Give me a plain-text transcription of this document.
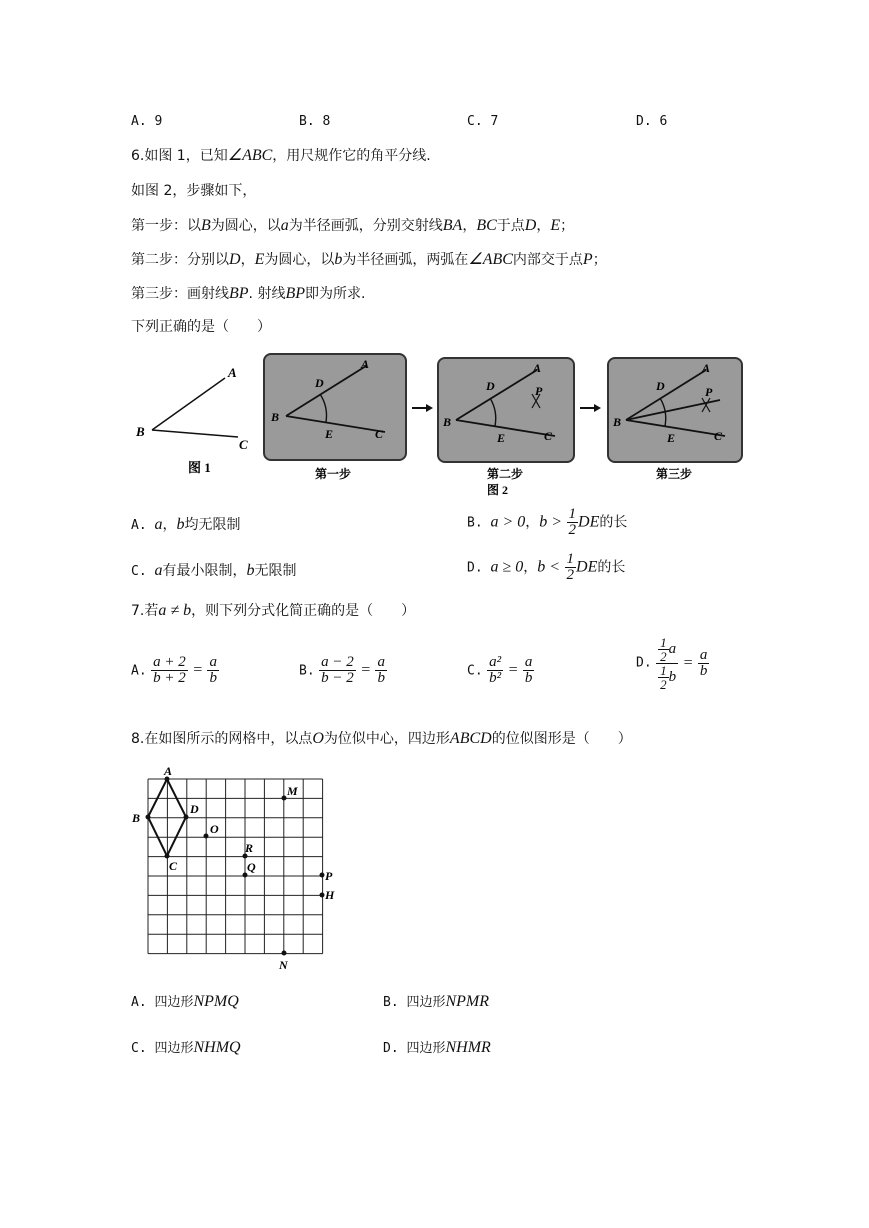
A. 9	B. 8	C. 7	D. 6
6.如图 1，已知∠ABC，用尺规作它的角平分线.
如图 2，步骤如下，
第一步：以B为圆心，以a为半径画弧，分别交射线BA，BC于点D，E；
第二步：分别以D，E为圆心，以b为半径画弧，两弧在∠ABC内部交于点P；
第三步：画射线BP. 射线BP即为所求.
下列正确的是（　　）
A
B
C
图 1
A
B
C
D
E
第一步
A
B
C
D
E
P
第二步
图 2
A
B
C
D
E
P
第三步
A. a，b均无限制	B. a > 0，$b > \frac{1}{2}$ DE的长
C. a有最小限制，b无限制	D. a ≥ 0，$b < \frac{1}{2}$ DE的长
7.若a ≠ b，则下列分式化简正确的是（　　）
A. $\frac{a + 2}{b + 2} = \frac{a}{b}$	B. $\frac{a - 2}{b - 2} = \frac{a}{b}$	C. $\frac{\text{a²}}{\text{b²}} = \frac{a}{b}$	D. $\frac{\frac{1}{2} a}{\frac{1}{2} b} = \frac{a}{b}$
8.在如图所示的网格中，以点O为位似中心，四边形ABCD的位似图形是（　　）
A
B
C
D
O
M
R
Q
P
H
N
A. 四边形NPMQ	B. 四边形NPMR
C. 四边形NHMQ	D. 四边形NHMR
